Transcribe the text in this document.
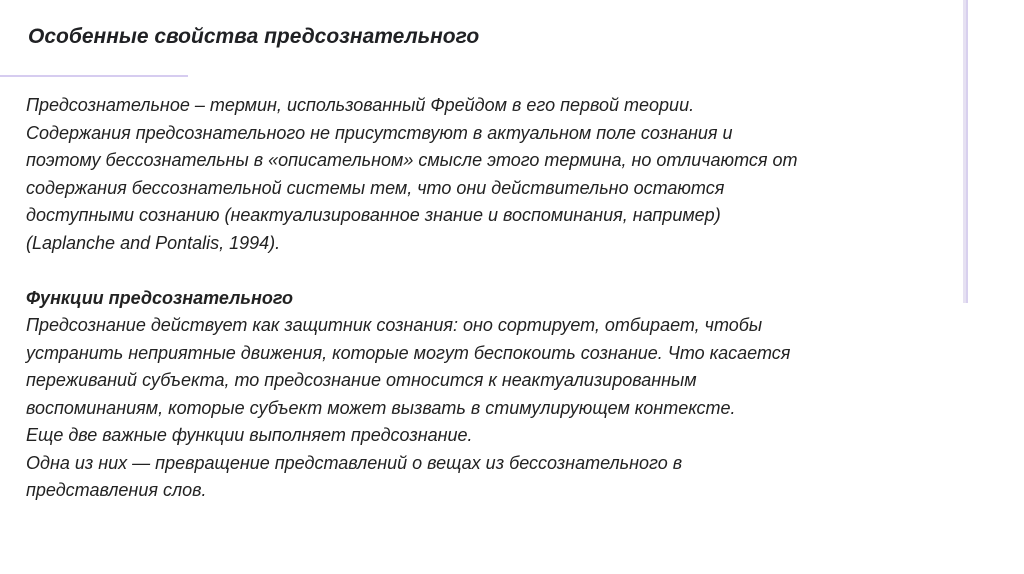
Особенные свойства предсознательного
Предсознательное – термин, использованный Фрейдом в его первой теории.
Содержания предсознательного не присутствуют в актуальном поле сознания и
поэтому бессознательны в «описательном» смысле этого термина, но отличаются от
содержания бессознательной системы тем, что они действительно остаются
доступными сознанию (неактуализированное знание и воспоминания, например)
(Laplanche and Pontalis, 1994).
Функции предсознательного
Предсознание действует как защитник сознания: оно сортирует, отбирает, чтобы
устранить неприятные движения, которые могут беспокоить сознание. Что касается
переживаний субъекта, то предсознание относится к неактуализированным
воспоминаниям, которые субъект может вызвать в стимулирующем контексте.
Еще две важные функции выполняет предсознание.
Одна из них — превращение представлений о вещах из бессознательного в
представления слов.
